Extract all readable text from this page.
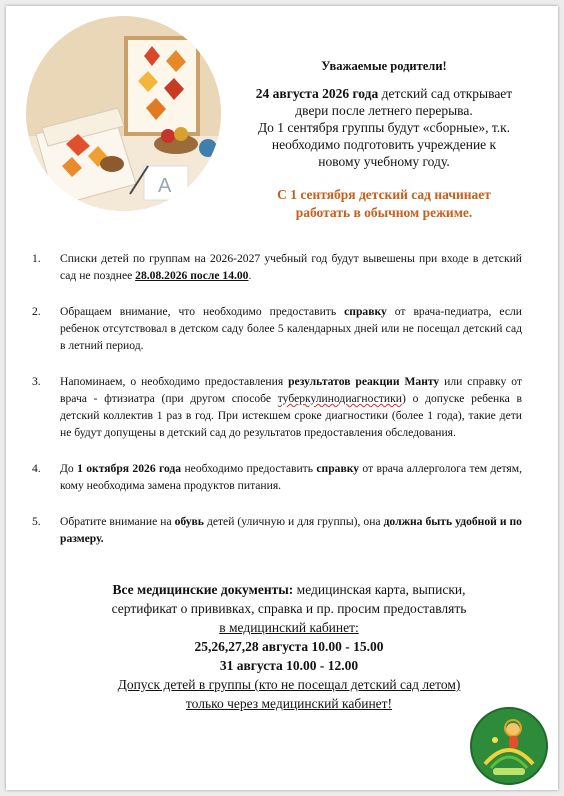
A

Уважаемые родители!

24 августа 2026 года детский сад открывает

двери после летнего перерыва.

До 1 сентября группы будут «сборные», т.к.

необходимо подготовить учреждение к

новому учебному году.

С 1 сентября детский сад начинает

работать в обычном режиме.

1. Списки детей по группам на 2026-2027 учебный год будут вывешены при входе в детский сад не позднее 28.08.2026 после 14.00.
2. Обращаем внимание, что необходимо предоставить справку от врача-педиатра, если ребенок отсутствовал в детском саду более 5 календарных дней или не посещал детский сад в летний период.
3. Напоминаем, о необходимо предоставления результатов реакции Манту или справку от врача - фтизиатра (при другом способе туберкулинодиагностики) о допуске ребенка в детский коллектив 1 раз в год. При истекшем сроке диагностики (более 1 года), такие дети не будут допущены в детский сад до результатов предоставления обследования.
4. До 1 октября 2026 года необходимо предоставить справку от врача аллерголога тем детям, кому необходима замена продуктов питания.
5. Обратите внимание на обувь детей (уличную и для группы), она должна быть удобной и по размеру.

Все медицинские документы: медицинская карта, выписки,

сертификат о прививках, справка и пр. просим предоставлять

в медицинский кабинет:

25,26,27,28 августа 10.00 - 15.00

31 августа 10.00 - 12.00

Допуск детей в группы (кто не посещал детский сад летом)

только через медицинский кабинет!
